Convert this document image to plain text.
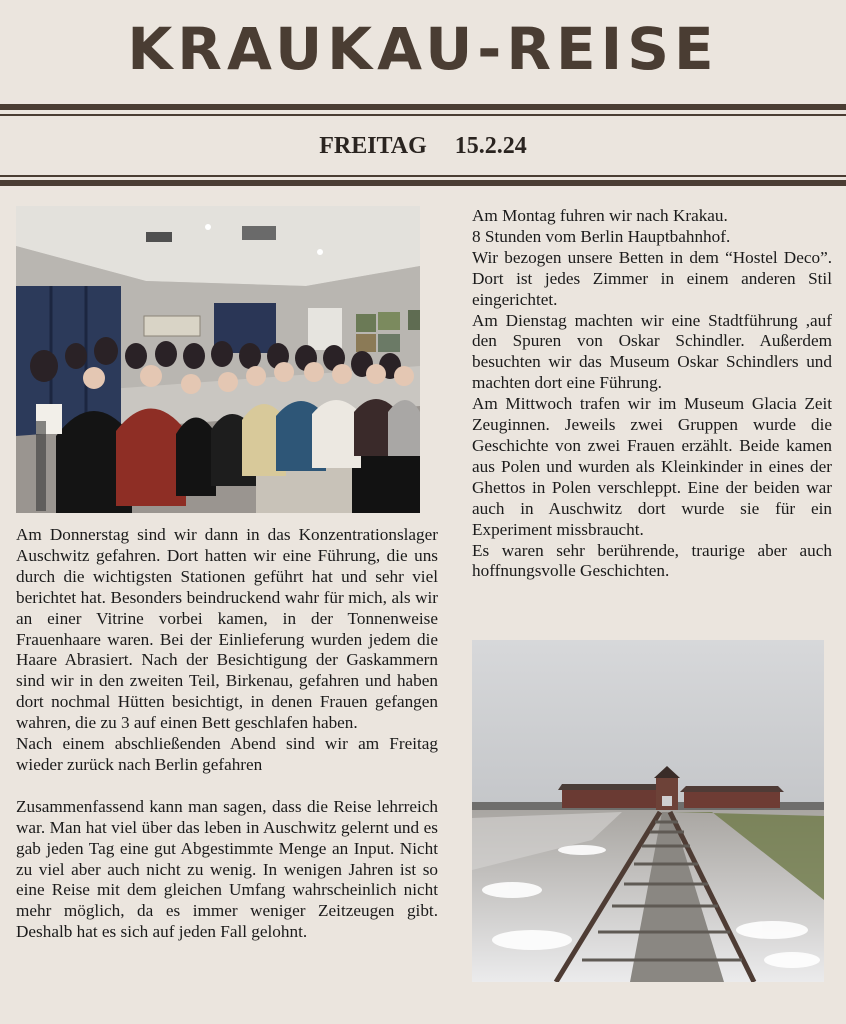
KRAUKAU-REISE
FREITAG 15.2.24
Am Montag fuhren wir nach Krakau.
8 Stunden vom Berlin Hauptbahnhof.
Wir bezogen unsere Betten in dem “Hostel Deco”. Dort ist jedes Zimmer in einem anderen Stil eingerichtet.
Am Dienstag machten wir eine Stadtführung ,auf den Spuren von Oskar Schindler. Außerdem besuchten wir das Museum Oskar Schindlers und machten dort eine Führung.
Am Mittwoch trafen wir im Museum Glacia Zeit Zeuginnen. Jeweils zwei Gruppen wurde die Geschichte von zwei Frauen erzählt. Beide kamen aus Polen und wurden als Kleinkinder in eines der Ghettos in Polen verschleppt. Eine der beiden war auch in Auschwitz dort wurde sie für ein Experiment missbraucht.
Es waren sehr berührende, traurige aber auch hoffnungsvolle Geschichten.
Am Donnerstag sind wir dann in das Konzentrationslager Auschwitz gefahren. Dort hatten wir eine Führung, die uns durch die wichtigsten Stationen geführt hat und sehr viel berichtet hat. Besonders beindruckend wahr für mich, als wir an einer Vitrine vorbei kamen, in der Tonnenweise Frauenhaare waren. Bei der Einlieferung wurden jedem die Haare Abrasiert. Nach der Besichtigung der Gaskammern sind wir in den zweiten Teil, Birkenau, gefahren und haben dort nochmal Hütten besichtigt, in denen Frauen gefangen wahren, die zu 3 auf einen Bett geschlafen haben.
Nach einem abschließenden Abend sind wir am Freitag wieder zurück nach Berlin gefahren

Zusammenfassend kann man sagen, dass die Reise lehrreich war. Man hat viel über das leben in Auschwitz gelernt und es gab jeden Tag eine gut Abgestimmte Menge an Input. Nicht zu viel aber auch nicht zu wenig. In wenigen Jahren ist so eine Reise mit dem gleichen Umfang wahrscheinlich nicht mehr möglich, da es immer weniger Zeitzeugen gibt. Deshalb hat es sich auf jeden Fall gelohnt.
